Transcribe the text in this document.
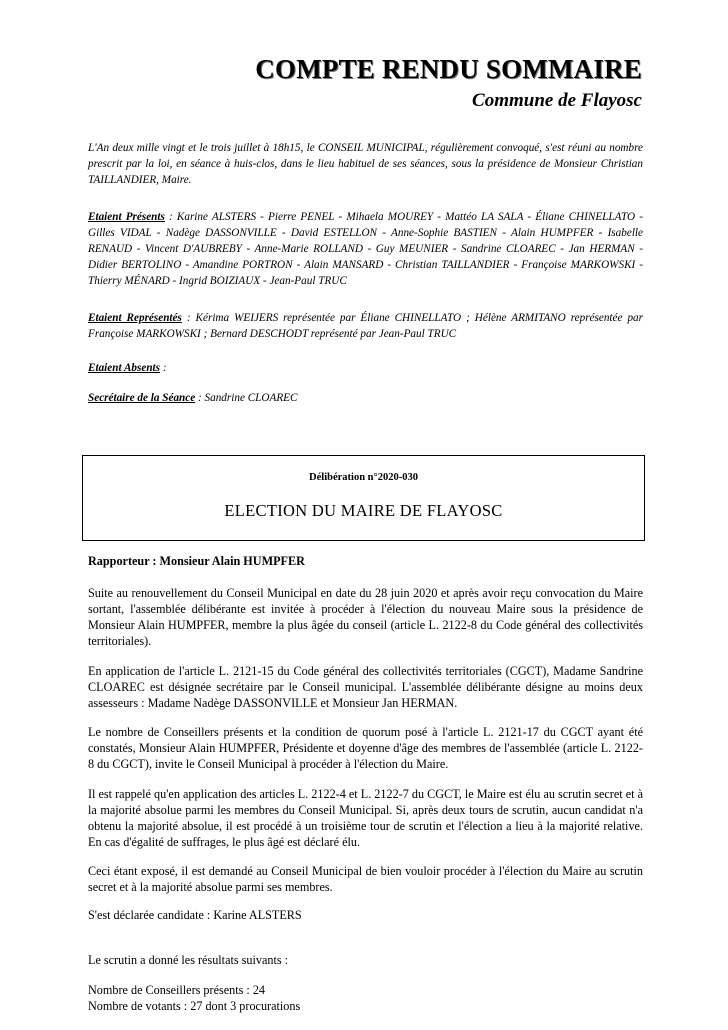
COMPTE RENDU SOMMAIRE
Commune de Flayosc
L'An deux mille vingt et le trois juillet à 18h15, le CONSEIL MUNICIPAL, régulièrement convoqué, s'est réuni au nombre prescrit par la loi, en séance à huis-clos, dans le lieu habituel de ses séances, sous la présidence de Monsieur Christian TAILLANDIER, Maire.
Etaient Présents : Karine ALSTERS - Pierre PENEL - Mihaela MOUREY - Mattéo LA SALA - Éliane CHINELLATO - Gilles VIDAL - Nadège DASSONVILLE - David ESTELLON - Anne-Sophie BASTIEN - Alain HUMPFER - Isabelle RENAUD - Vincent D'AUBREBY - Anne-Marie ROLLAND - Guy MEUNIER - Sandrine CLOAREC - Jan HERMAN - Didier BERTOLINO - Amandine PORTRON - Alain MANSARD - Christian TAILLANDIER - Françoise MARKOWSKI - Thierry MÉNARD - Ingrid BOIZIAUX - Jean-Paul TRUC
Etaient Représentés : Kérima WEIJERS représentée par Éliane CHINELLATO ; Hélène ARMITANO représentée par Françoise MARKOWSKI ; Bernard DESCHODT représenté par Jean-Paul TRUC
Etaient Absents :
Secrétaire de la Séance : Sandrine CLOAREC
Délibération n°2020-030
ELECTION DU MAIRE DE FLAYOSC
Rapporteur : Monsieur Alain HUMPFER
Suite au renouvellement du Conseil Municipal en date du 28 juin 2020 et après avoir reçu convocation du Maire sortant, l'assemblée délibérante est invitée à procéder à l'élection du nouveau Maire sous la présidence de Monsieur Alain HUMPFER, membre la plus âgée du conseil (article L. 2122-8 du Code général des collectivités territoriales).
En application de l'article L. 2121-15 du Code général des collectivités territoriales (CGCT), Madame Sandrine CLOAREC est désignée secrétaire par le Conseil municipal. L'assemblée délibérante désigne au moins deux assesseurs : Madame Nadège DASSONVILLE et Monsieur Jan HERMAN.
Le nombre de Conseillers présents et la condition de quorum posé à l'article L. 2121-17 du CGCT ayant été constatés, Monsieur Alain HUMPFER, Présidente et doyenne d'âge des membres de l'assemblée (article L. 2122-8 du CGCT), invite le Conseil Municipal à procéder à l'élection du Maire.
Il est rappelé qu'en application des articles L. 2122-4 et L. 2122-7 du CGCT, le Maire est élu au scrutin secret et à la majorité absolue parmi les membres du Conseil Municipal. Si, après deux tours de scrutin, aucun candidat n'a obtenu la majorité absolue, il est procédé à un troisième tour de scrutin et l'élection a lieu à la majorité relative. En cas d'égalité de suffrages, le plus âgé est déclaré élu.
Ceci étant exposé, il est demandé au Conseil Municipal de bien vouloir procéder à l'élection du Maire au scrutin secret et à la majorité absolue parmi ses membres.
S'est déclarée candidate : Karine ALSTERS
Le scrutin a donné les résultats suivants :
Nombre de Conseillers présents : 24
Nombre de votants : 27 dont 3 procurations
